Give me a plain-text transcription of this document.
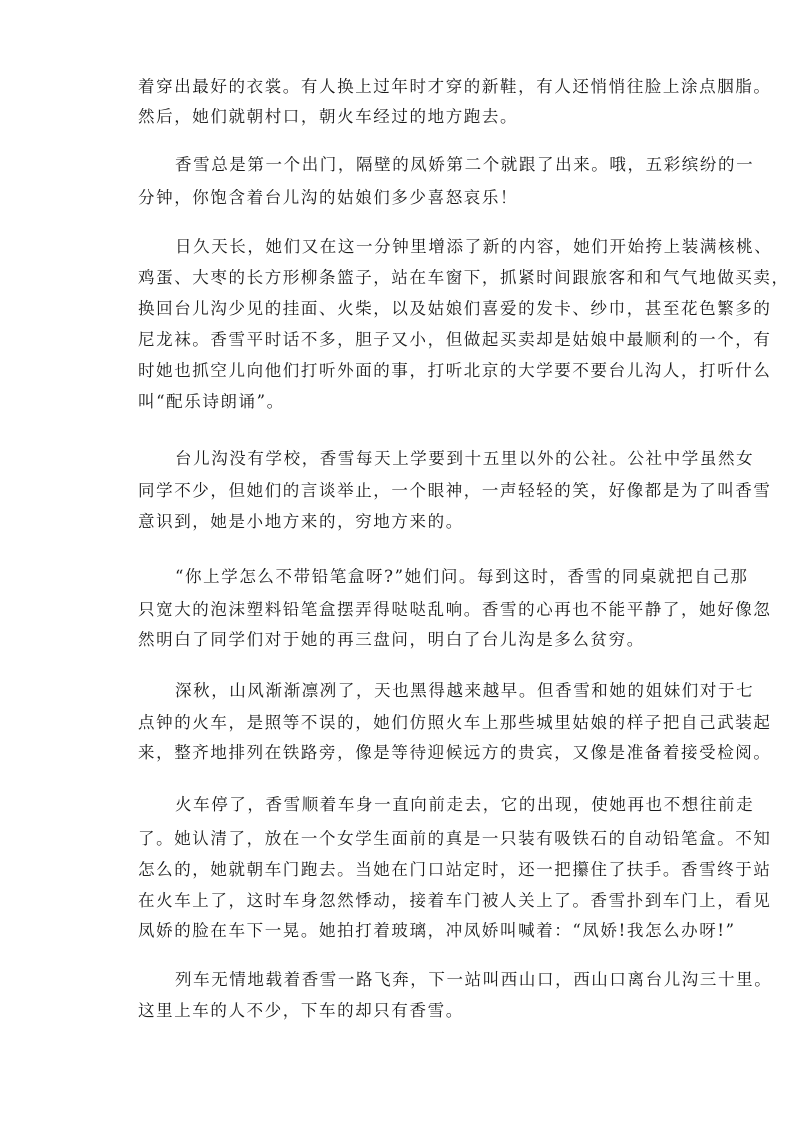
着穿出最好的衣裳。有人换上过年时才穿的新鞋，有人还悄悄往脸上涂点胭脂。
然后，她们就朝村口，朝火车经过的地方跑去。
香雪总是第一个出门，隔壁的凤娇第二个就跟了出来。哦，五彩缤纷的一
分钟，你饱含着台儿沟的姑娘们多少喜怒哀乐！
日久天长，她们又在这一分钟里增添了新的内容，她们开始挎上装满核桃、
鸡蛋、大枣的长方形柳条篮子，站在车窗下，抓紧时间跟旅客和和气气地做买卖，
换回台儿沟少见的挂面、火柴，以及姑娘们喜爱的发卡、纱巾，甚至花色繁多的
尼龙袜。香雪平时话不多，胆子又小，但做起买卖却是姑娘中最顺利的一个，有
时她也抓空儿向他们打听外面的事，打听北京的大学要不要台儿沟人，打听什么
叫“配乐诗朗诵”。
台儿沟没有学校，香雪每天上学要到十五里以外的公社。公社中学虽然女
同学不少，但她们的言谈举止，一个眼神，一声轻轻的笑，好像都是为了叫香雪
意识到，她是小地方来的，穷地方来的。
“你上学怎么不带铅笔盒呀?”她们问。每到这时，香雪的同桌就把自己那
只宽大的泡沫塑料铅笔盒摆弄得哒哒乱响。香雪的心再也不能平静了，她好像忽
然明白了同学们对于她的再三盘问，明白了台儿沟是多么贫穷。
深秋，山风渐渐凛冽了，天也黑得越来越早。但香雪和她的姐妹们对于七
点钟的火车，是照等不误的，她们仿照火车上那些城里姑娘的样子把自己武装起
来，整齐地排列在铁路旁，像是等待迎候远方的贵宾，又像是准备着接受检阅。
火车停了，香雪顺着车身一直向前走去，它的出现，使她再也不想往前走
了。她认清了，放在一个女学生面前的真是一只装有吸铁石的自动铅笔盒。不知
怎么的，她就朝车门跑去。当她在门口站定时，还一把攥住了扶手。香雪终于站
在火车上了，这时车身忽然悸动，接着车门被人关上了。香雪扑到车门上，看见
凤娇的脸在车下一晃。她拍打着玻璃，冲凤娇叫喊着：“凤娇!我怎么办呀!”
列车无情地载着香雪一路飞奔，下一站叫西山口，西山口离台儿沟三十里。
这里上车的人不少，下车的却只有香雪。
